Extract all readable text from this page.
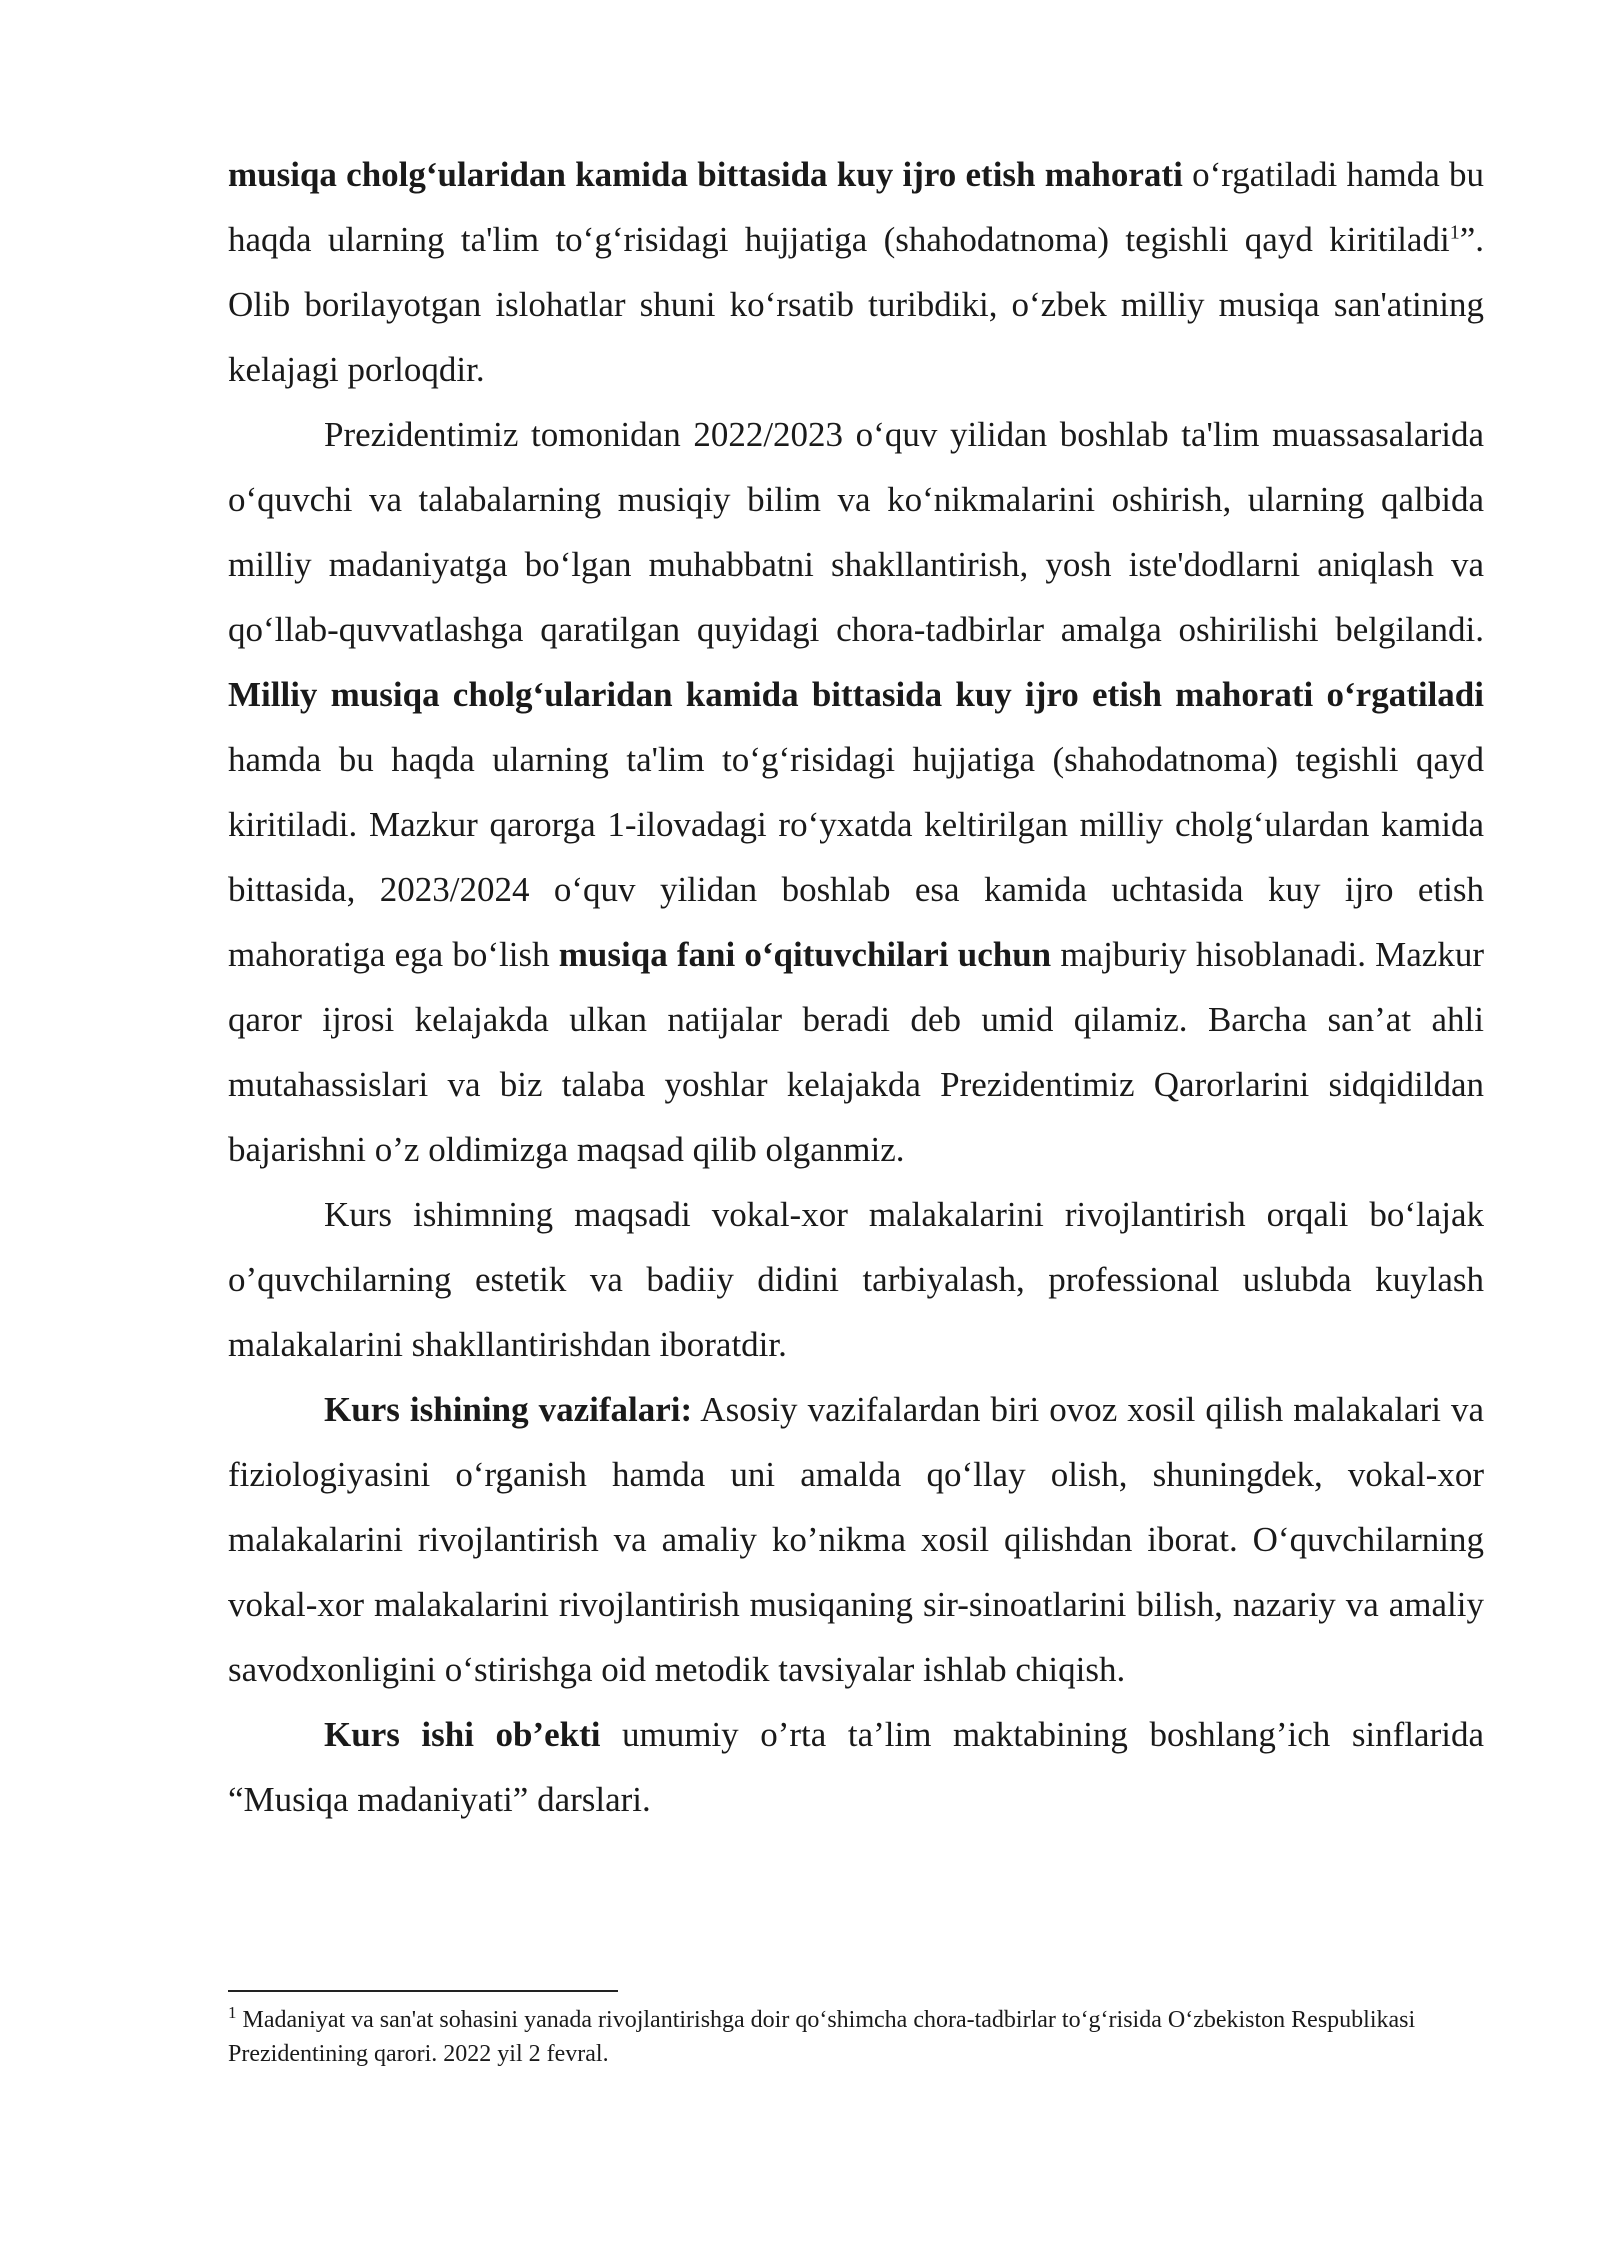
musiqa cholg‘ularidan kamida bittasida kuy ijro etish mahorati o‘rgatiladi hamda bu haqda ularning ta'lim to‘g‘risidagi hujjatiga (shahodatnoma) tegishli qayd kiritiladi$^1$”. Olib borilayotgan islohatlar shuni ko‘rsatib turibdiki, o‘zbek milliy musiqa san'atining kelajagi porloqdir.

Prezidentimiz tomonidan 2022/2023 o‘quv yilidan boshlab ta'lim muassasalarida o‘quvchi va talabalarning musiqiy bilim va ko‘nikmalarini oshirish, ularning qalbida milliy madaniyatga bo‘lgan muhabbatni shakllantirish, yosh iste'dodlarni aniqlash va qo‘llab-quvvatlashga qaratilgan quyidagi chora-tadbirlar amalga oshirilishi belgilandi. Milliy musiqa cholg‘ularidan kamida bittasida kuy ijro etish mahorati o‘rgatiladi hamda bu haqda ularning ta'lim to‘g‘risidagi hujjatiga (shahodatnoma) tegishli qayd kiritiladi. Mazkur qarorga 1-ilovadagi ro‘yxatda keltirilgan milliy cholg‘ulardan kamida bittasida, 2023/2024 o‘quv yilidan boshlab esa kamida uchtasida kuy ijro etish mahoratiga ega bo‘lish musiqa fani o‘qituvchilari uchun majburiy hisoblanadi. Mazkur qaror ijrosi kelajakda ulkan natijalar beradi deb umid qilamiz. Barcha san’at ahli mutahassislari va biz talaba yoshlar kelajakda Prezidentimiz Qarorlarini sidqidildan bajarishni o’z oldimizga maqsad qilib olganmiz.

Kurs ishimning maqsadi vokal-xor malakalarini rivojlantirish orqali bo‘lajak o’quvchilarning estetik va badiiy didini tarbiyalash, professional uslubda kuylash malakalarini shakllantirishdan iboratdir.

Kurs ishining vazifalari: Asosiy vazifalardan biri ovoz xosil qilish malakalari va fiziologiyasini o‘rganish hamda uni amalda qo‘llay olish, shuningdek, vokal-xor malakalarini rivojlantirish va amaliy ko’nikma xosil qilishdan iborat. O‘quvchilarning vokal-xor malakalarini rivojlantirish musiqaning sir-sinoatlarini bilish, nazariy va amaliy savodxonligini o‘stirishga oid metodik tavsiyalar ishlab chiqish.

Kurs ishi ob’ekti umumiy o’rta ta’lim maktabining boshlang’ich sinflarida “Musiqa madaniyati” darslari.

$^1$ Madaniyat va san'at sohasini yanada rivojlantirishga doir qo‘shimcha chora-tadbirlar to‘g‘risida O‘zbekiston Respublikasi Prezidentining qarori. 2022 yil 2 fevral.
